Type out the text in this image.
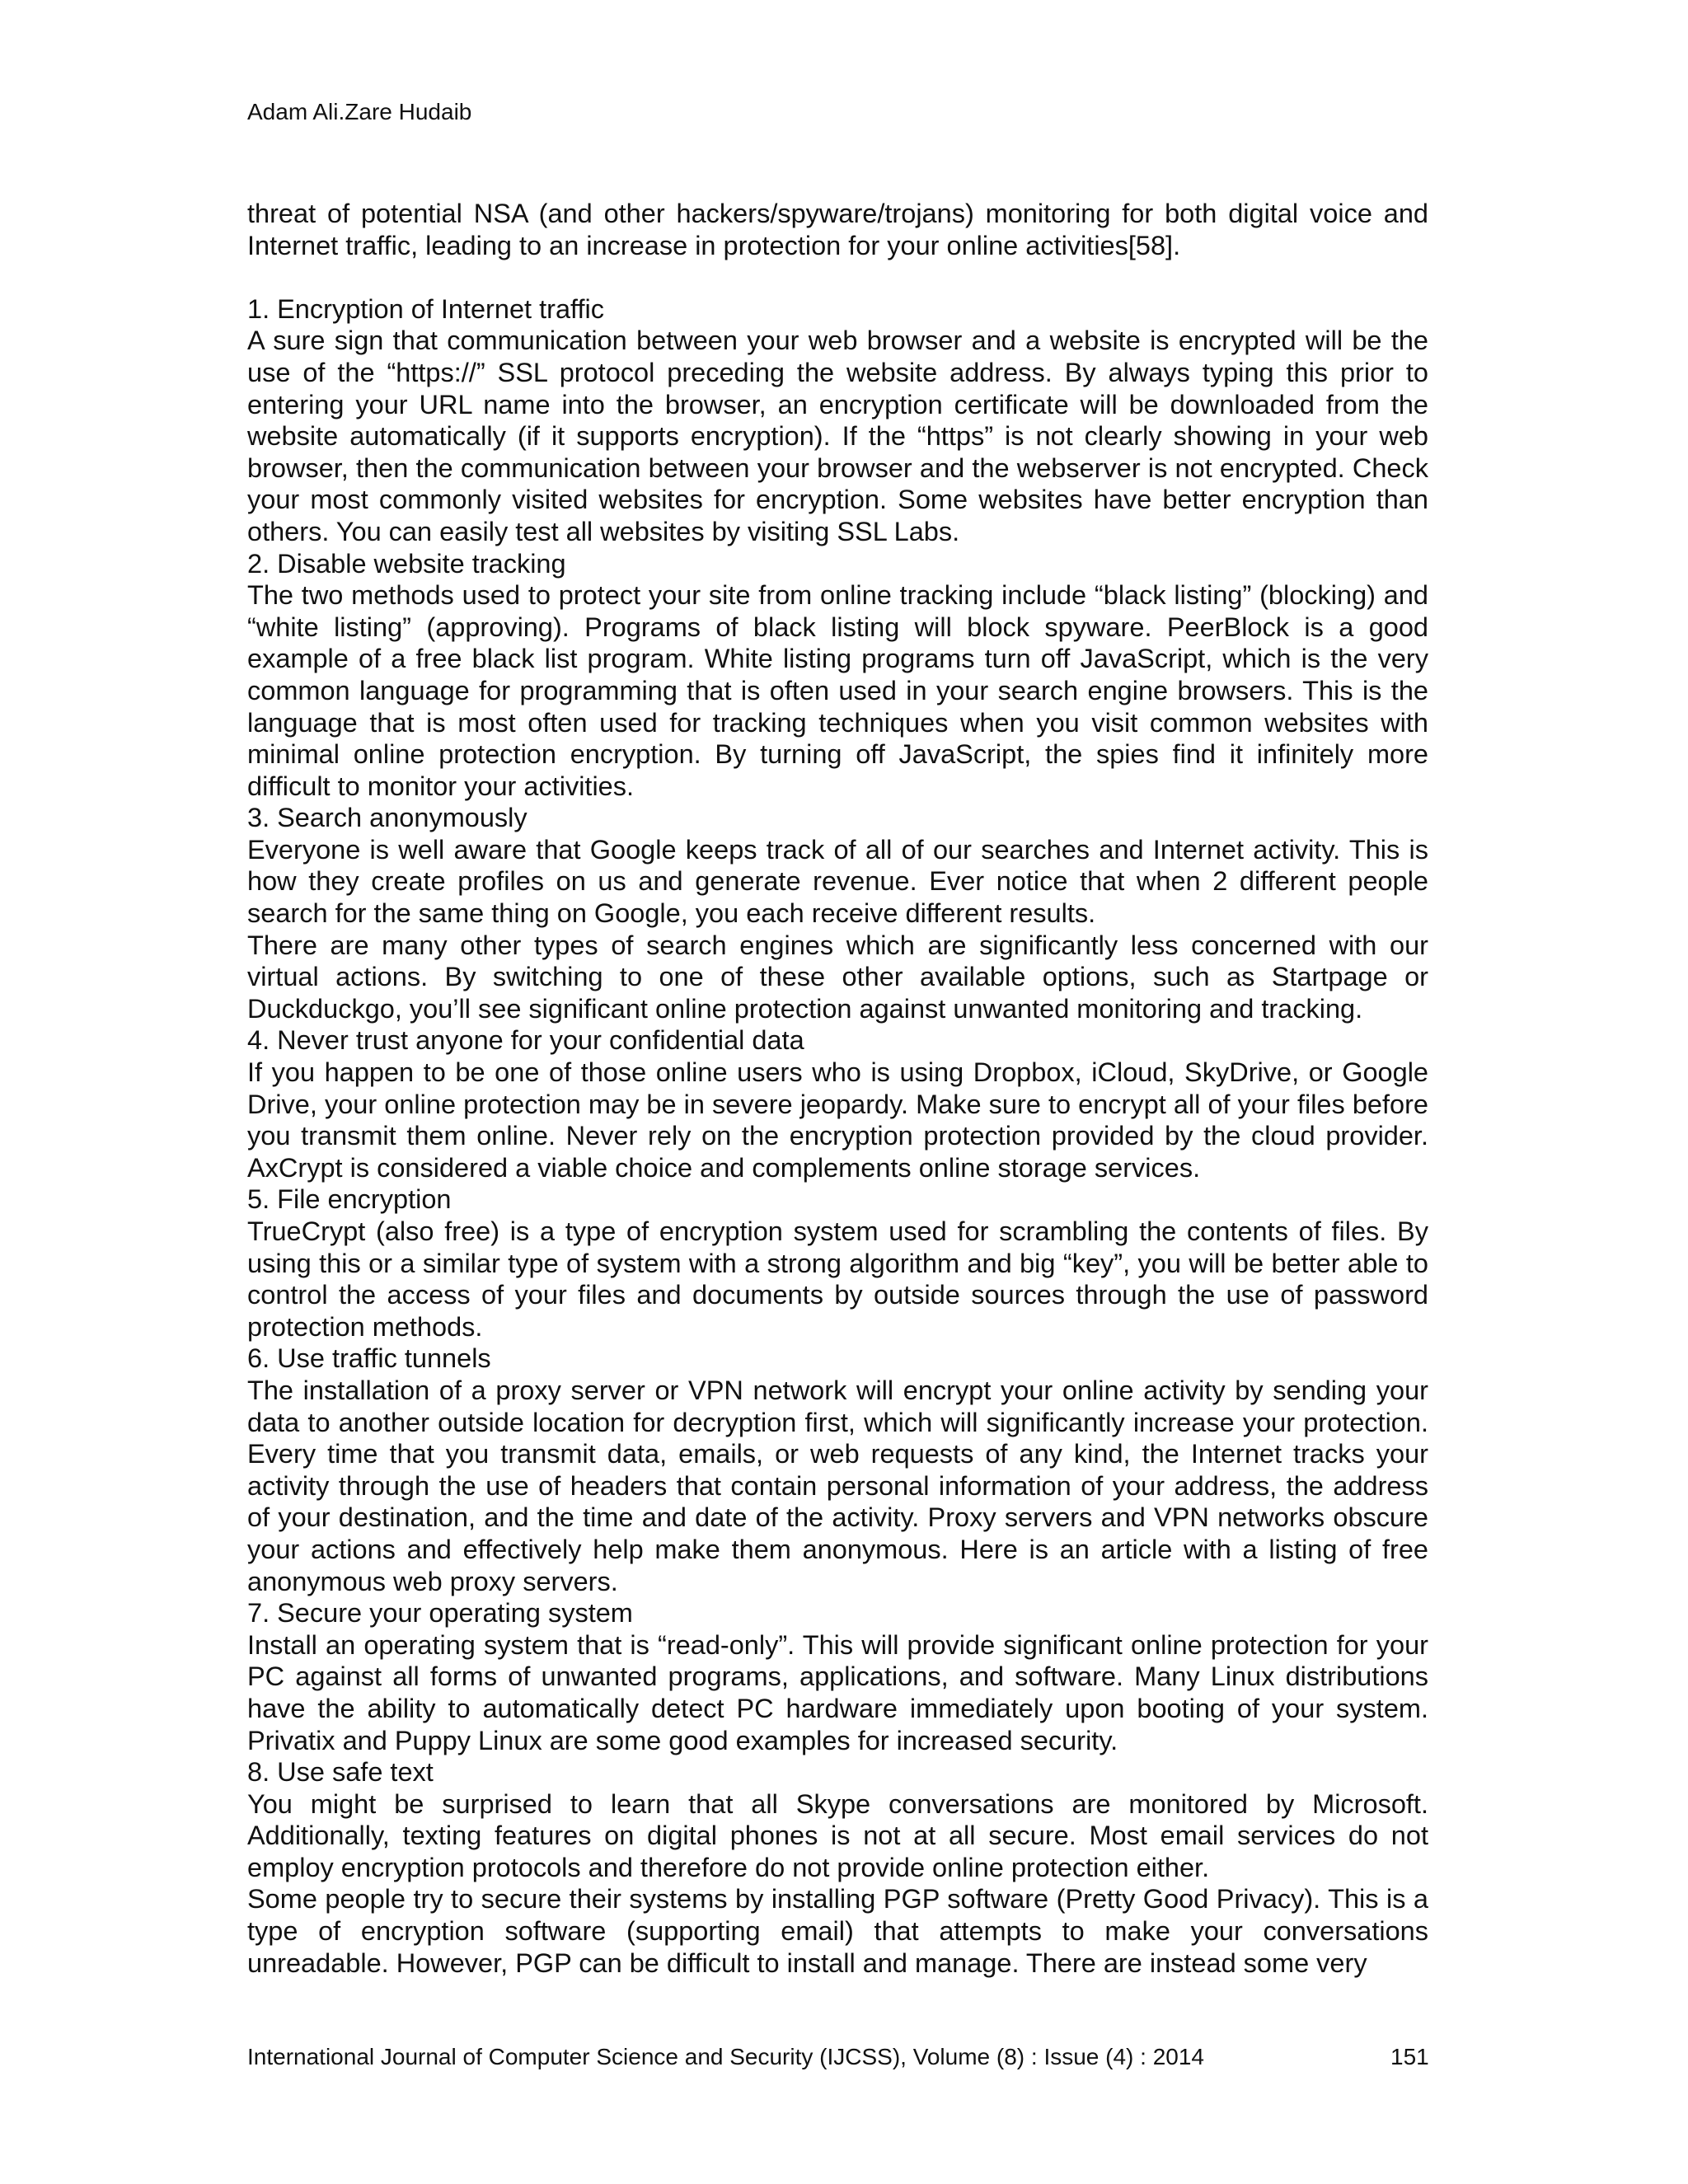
Adam Ali.Zare Hudaib

threat of potential NSA (and other hackers/spyware/trojans) monitoring for both digital voice and Internet traffic, leading to an increase in protection for your online activities[58].

1. Encryption of Internet traffic

A sure sign that communication between your web browser and a website is encrypted will be the use of the “https://” SSL protocol preceding the website address. By always typing this prior to entering your URL name into the browser, an encryption certificate will be downloaded from the website automatically (if it supports encryption). If the “https” is not clearly showing in your web browser, then the communication between your browser and the webserver is not encrypted. Check your most commonly visited websites for encryption. Some websites have better encryption than others. You can easily test all websites by visiting SSL Labs.

2. Disable website tracking

The two methods used to protect your site from online tracking include “black listing” (blocking) and “white listing” (approving). Programs of black listing will block spyware. PeerBlock is a good example of a free black list program. White listing programs turn off JavaScript, which is the very common language for programming that is often used in your search engine browsers. This is the language that is most often used for tracking techniques when you visit common websites with minimal online protection encryption. By turning off JavaScript, the spies find it infinitely more difficult to monitor your activities.

3. Search anonymously

Everyone is well aware that Google keeps track of all of our searches and Internet activity. This is how they create profiles on us and generate revenue. Ever notice that when 2 different people search for the same thing on Google, you each receive different results.

There are many other types of search engines which are significantly less concerned with our virtual actions. By switching to one of these other available options, such as Startpage or Duckduckgo, you’ll see significant online protection against unwanted monitoring and tracking.

4. Never trust anyone for your confidential data

If you happen to be one of those online users who is using Dropbox, iCloud, SkyDrive, or Google Drive, your online protection may be in severe jeopardy. Make sure to encrypt all of your files before you transmit them online. Never rely on the encryption protection provided by the cloud provider. AxCrypt is considered a viable choice and complements online storage services.

5. File encryption

TrueCrypt (also free) is a type of encryption system used for scrambling the contents of files. By using this or a similar type of system with a strong algorithm and big “key”, you will be better able to control the access of your files and documents by outside sources through the use of password protection methods.

6. Use traffic tunnels

The installation of a proxy server or VPN network will encrypt your online activity by sending your data to another outside location for decryption first, which will significantly increase your protection. Every time that you transmit data, emails, or web requests of any kind, the Internet tracks your activity through the use of headers that contain personal information of your address, the address of your destination, and the time and date of the activity. Proxy servers and VPN networks obscure your actions and effectively help make them anonymous. Here is an article with a listing of free anonymous web proxy servers.

7. Secure your operating system

Install an operating system that is “read-only”. This will provide significant online protection for your PC against all forms of unwanted programs, applications, and software. Many Linux distributions have the ability to automatically detect PC hardware immediately upon booting of your system. Privatix and Puppy Linux are some good examples for increased security.

8. Use safe text

You might be surprised to learn that all Skype conversations are monitored by Microsoft. Additionally, texting features on digital phones is not at all secure. Most email services do not employ encryption protocols and therefore do not provide online protection either.

Some people try to secure their systems by installing PGP software (Pretty Good Privacy). This is a type of encryption software (supporting email) that attempts to make your conversations unreadable. However, PGP can be difficult to install and manage. There are instead some very

International Journal of Computer Science and Security (IJCSS), Volume (8) : Issue (4) : 2014	151
